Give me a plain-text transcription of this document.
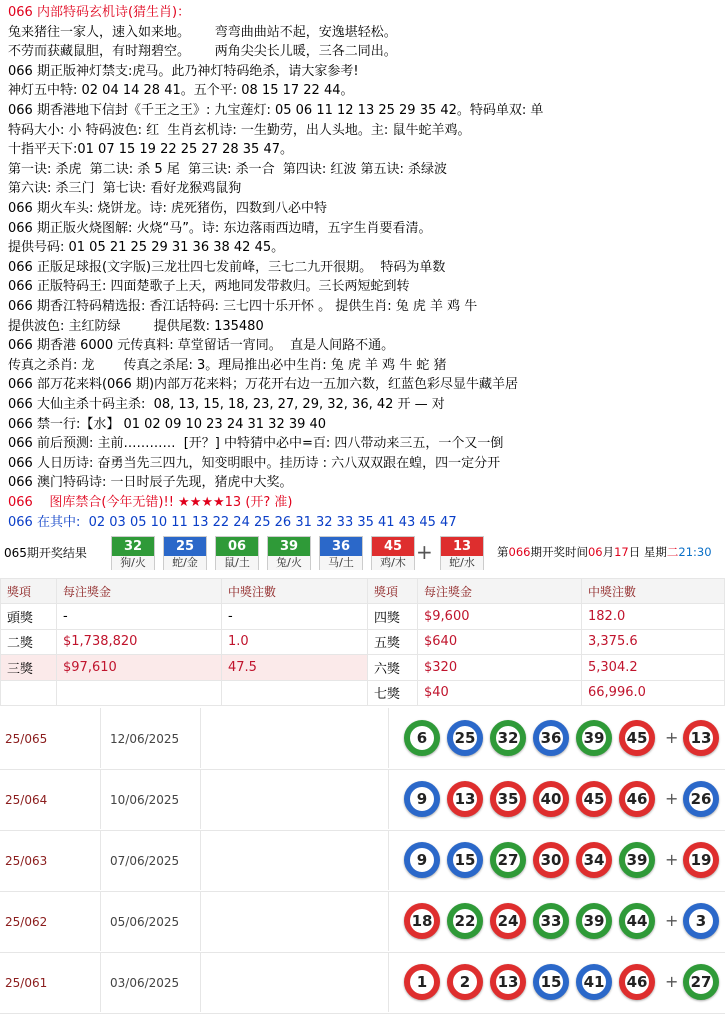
066 内部特码玄机诗(猜生肖)：
兔来猪往一家人，速入如来地。      弯弯曲曲站不起，安逸堪轻松。
不劳而获藏鼠胆，有时翔碧空。      两角尖尖长儿暖，三各二同出。
066 期正版神灯禁支:虎马。此乃神灯特码绝杀，请大家参考!
神灯五中特: 02 04 14 28 41。五个平: 08 15 17 22 44。
066 期香港地下信封《千王之王》: 九宝莲灯: 05 06 11 12 13 25 29 35 42。特码单双: 单
特码大小: 小 特码波色: 红  生肖玄机诗: 一生勤劳，出人头地。主: 鼠牛蛇羊鸡。
十指平天下:01 07 15 19 22 25 27 28 35 47。
第一诀: 杀虎  第二诀: 杀 5 尾  第三诀: 杀一合  第四诀: 红波 第五诀: 杀绿波
第六诀: 杀三门  第七诀: 看好龙猴鸡鼠狗
066 期火车头: 烧饼龙。诗: 虎死猪伤，四数到八必中特
066 期正版火烧图解: 火烧“马”。诗: 东边落雨西边晴，五字生肖要看清。
提供号码: 01 05 21 25 29 31 36 38 42 45。
066 正版足球报(文字版)三龙壮四七发前峰，三七二九开很期。  特码为单数
066 正版特码王: 四面楚歌子上天，两地同发带救归。三长两短蛇到转
066 期香江特码精选报: 香江话特码: 三七四十乐开怀 。 提供生肖: 兔 虎 羊 鸡 牛
提供波色: 主红防绿        提供尾数: 135480
066 期香港 6000 元传真料: 草堂留话一宵同。  直是人间路不通。
传真之杀肖: 龙       传真之杀尾: 3。理局推出必中生肖: 兔 虎 羊 鸡 牛 蛇 猪
066 部万花来料(066 期)内部万花来料；万花开右边一五加六数，红蓝色彩尽显牛藏羊居
066 大仙主杀十码主杀:  08, 13, 15, 18, 23, 27, 29, 32, 36, 42 开 — 对
066 禁一行:【水】 01 02 09 10 23 24 31 32 39 40
066 前后预测: 主前…………  [开？] 中特猜中必中=百: 四八带动来三五，一个又一倒
066 人日历诗: 奋勇当先三四九，知变明眼中。挂历诗 : 六八双双跟在蝗，四一定分开
066 澳门特码诗: 一日时辰子先现，猪虎中大奖。
066    图库禁合(今年无错)!! ★★★★13 (开? 准)
066 在其中:  02 03 05 10 11 13 22 24 25 26 31 32 33 35 41 43 45 47
065期开奖结果	32
狗/火
25
蛇/金
06
鼠/土
39
兔/火
36
马/土
45
鸡/木 +	13
蛇/水
第066期开奖时间06月17日 星期二21:30
獎項	每注獎金	中獎注數	獎項	每注獎金	中獎注數
頭獎	-	-	四獎	$9,600	182.0
二獎	$1,738,820	1.0	五獎	$640	3,375.6
三獎	$97,610	47.5	六獎	$320	5,304.2
			七獎	$40	66,996.0
25/065	12/06/2025	6	25	32	36	39	45	+ 13
25/064	10/06/2025	9	13	35	40	45	46	+ 26
25/063	07/06/2025	9	15	27	30	34	39	+ 19
25/062	05/06/2025	18	22	24	33	39	44	+	3
25/061	03/06/2025	1	2	13	15	41	46	+ 27
